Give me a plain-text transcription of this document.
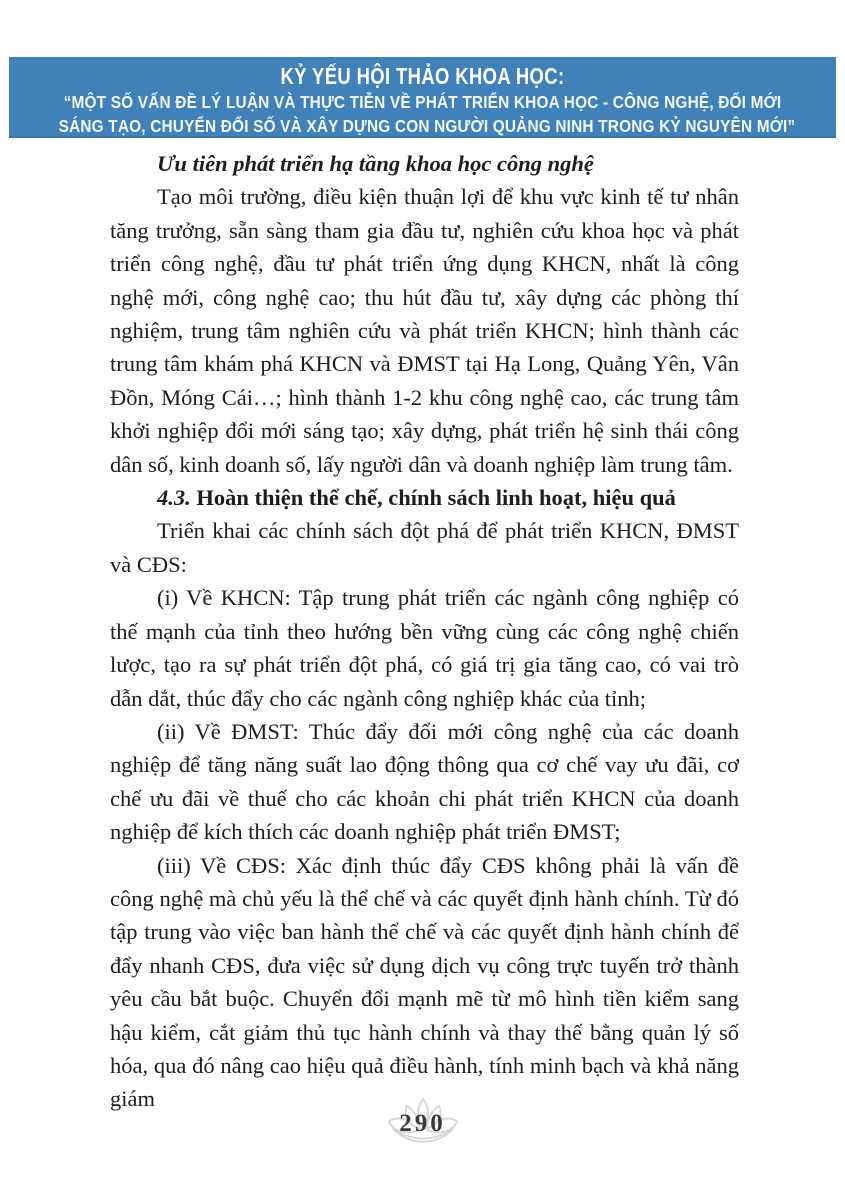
KỶ YẾU HỘI THẢO KHOA HỌC:
“MỘT SỐ VẤN ĐỀ LÝ LUẬN VÀ THỰC TIỄN VỀ PHÁT TRIỂN KHOA HỌC - CÔNG NGHỆ, ĐỔI MỚI
SÁNG TẠO, CHUYỂN ĐỔI SỐ VÀ XÂY DỰNG CON NGƯỜI QUẢNG NINH TRONG KỶ NGUYÊN MỚI”
Ưu tiên phát triển hạ tầng khoa học công nghệ

Tạo môi trường, điều kiện thuận lợi để khu vực kinh tế tư nhân tăng trưởng, sẵn sàng tham gia đầu tư, nghiên cứu khoa học và phát triển công nghệ, đầu tư phát triển ứng dụng KHCN, nhất là công nghệ mới, công nghệ cao; thu hút đầu tư, xây dựng các phòng thí nghiệm, trung tâm nghiên cứu và phát triển KHCN; hình thành các trung tâm khám phá KHCN và ĐMST tại Hạ Long, Quảng Yên, Vân Đồn, Móng Cái…; hình thành 1-2 khu công nghệ cao, các trung tâm khởi nghiệp đổi mới sáng tạo; xây dựng, phát triển hệ sinh thái công dân số, kinh doanh số, lấy người dân và doanh nghiệp làm trung tâm.

4.3. Hoàn thiện thể chế, chính sách linh hoạt, hiệu quả

Triển khai các chính sách đột phá để phát triển KHCN, ĐMST và CĐS:

(i) Về KHCN: Tập trung phát triển các ngành công nghiệp có thế mạnh của tỉnh theo hướng bền vững cùng các công nghệ chiến lược, tạo ra sự phát triển đột phá, có giá trị gia tăng cao, có vai trò dẫn dắt, thúc đẩy cho các ngành công nghiệp khác của tỉnh;

(ii) Về ĐMST: Thúc đẩy đổi mới công nghệ của các doanh nghiệp để tăng năng suất lao động thông qua cơ chế vay ưu đãi, cơ chế ưu đãi về thuế cho các khoản chi phát triển KHCN của doanh nghiệp để kích thích các doanh nghiệp phát triển ĐMST;

(iii) Về CĐS: Xác định thúc đẩy CĐS không phải là vấn đề công nghệ mà chủ yếu là thể chế và các quyết định hành chính. Từ đó tập trung vào việc ban hành thể chế và các quyết định hành chính để đẩy nhanh CĐS, đưa việc sử dụng dịch vụ công trực tuyến trở thành yêu cầu bắt buộc. Chuyển đổi mạnh mẽ từ mô hình tiền kiểm sang hậu kiểm, cắt giảm thủ tục hành chính và thay thế bằng quản lý số hóa, qua đó nâng cao hiệu quả điều hành, tính minh bạch và khả năng giám

290
